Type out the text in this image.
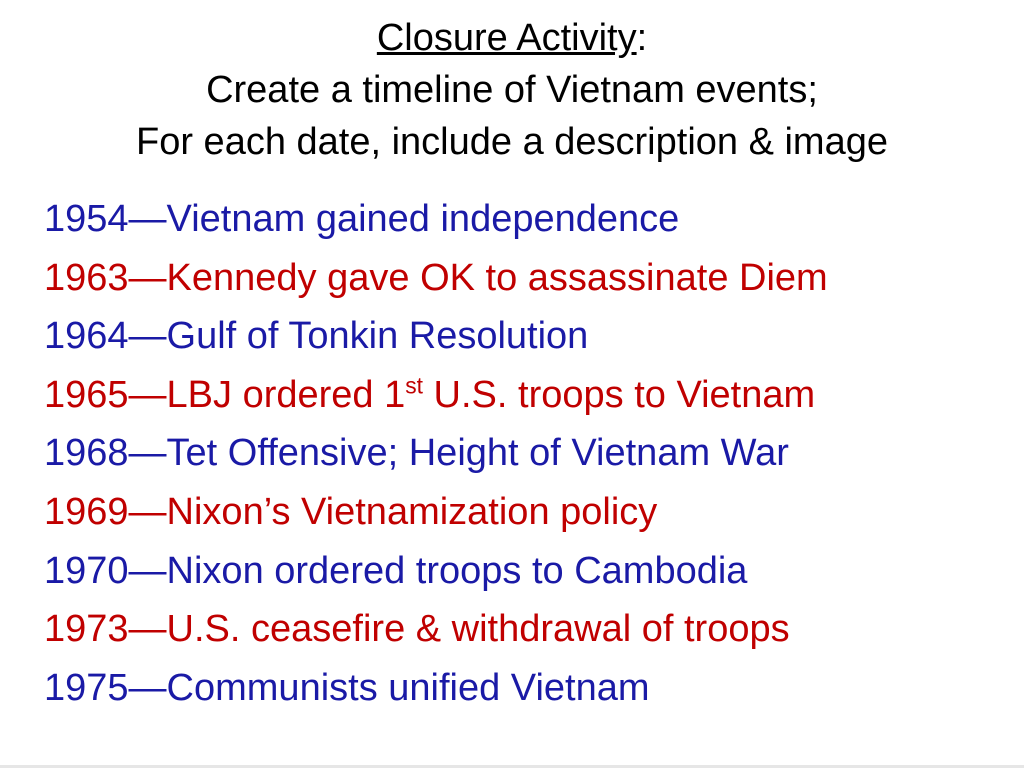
Closure Activity:
Create a timeline of Vietnam events;
For each date, include a description & image
1954—Vietnam gained independence
1963—Kennedy gave OK to assassinate Diem
1964—Gulf of Tonkin Resolution
1965—LBJ ordered 1st U.S. troops to Vietnam
1968—Tet Offensive; Height of Vietnam War
1969—Nixon’s Vietnamization policy
1970—Nixon ordered troops to Cambodia
1973—U.S. ceasefire & withdrawal of troops
1975—Communists unified Vietnam
